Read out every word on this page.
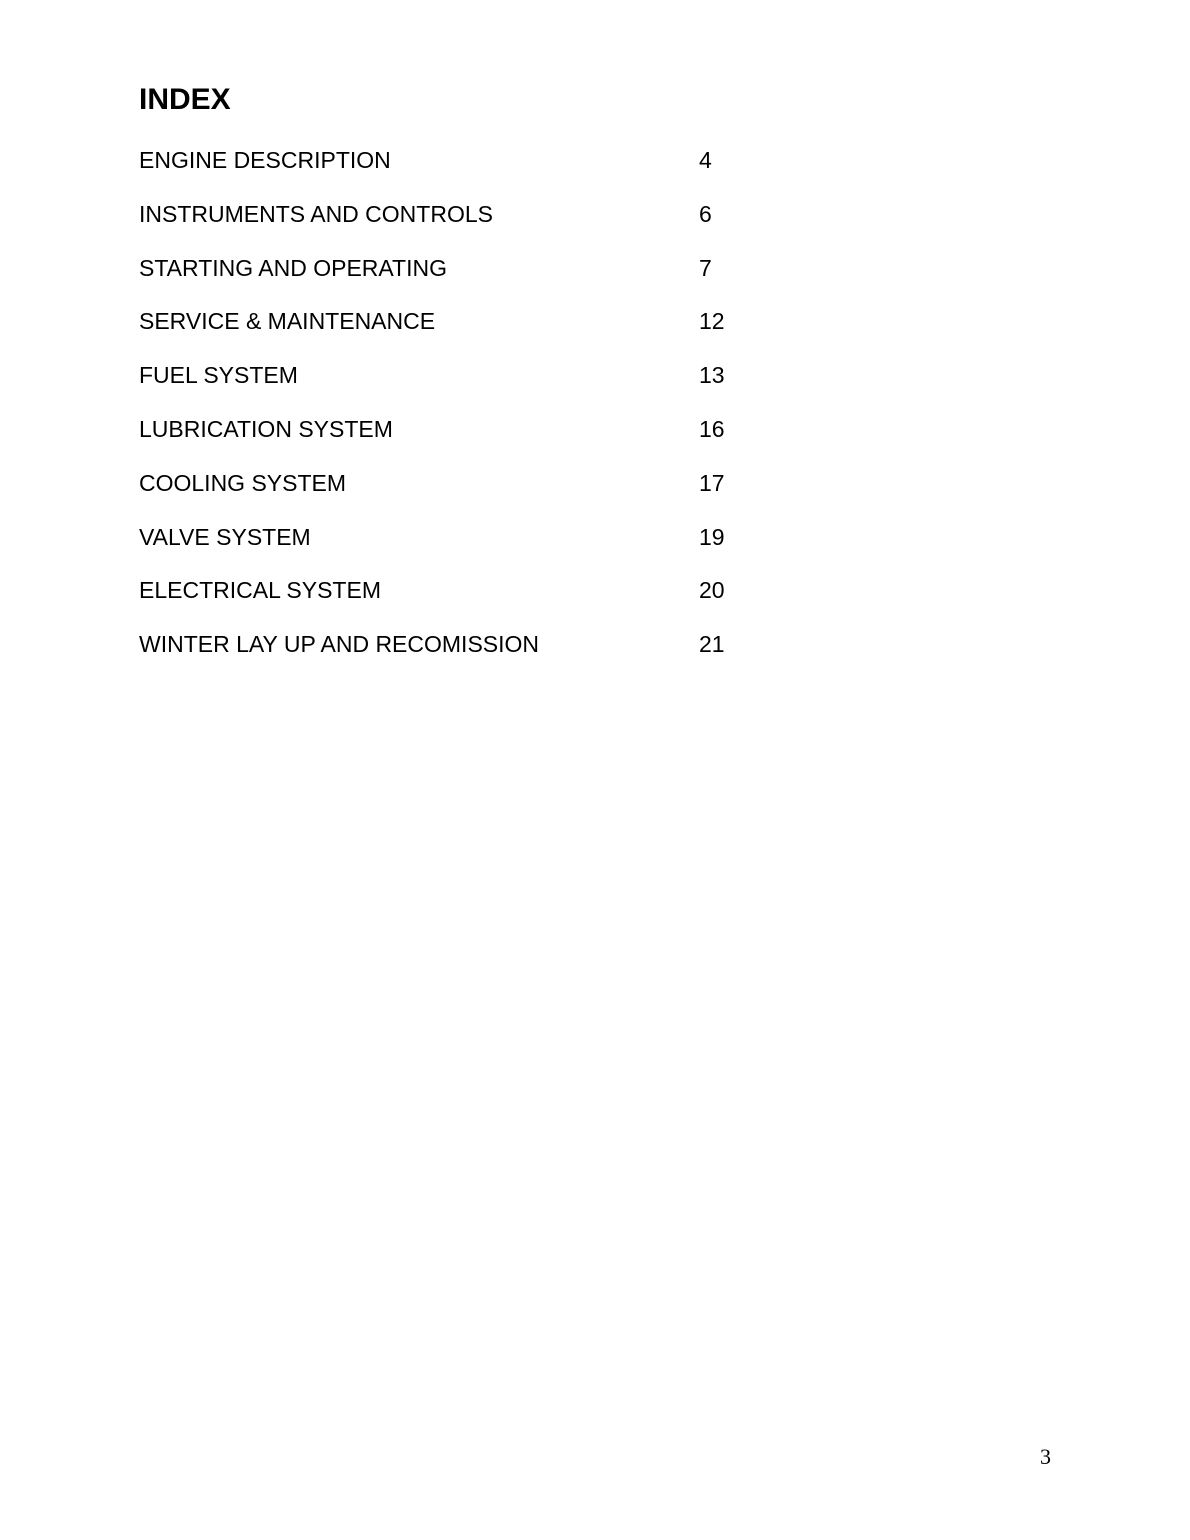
INDEX
ENGINE DESCRIPTION	4
INSTRUMENTS AND CONTROLS	6
STARTING AND OPERATING	7
SERVICE & MAINTENANCE	12
FUEL SYSTEM	13
LUBRICATION SYSTEM	16
COOLING SYSTEM	17
VALVE SYSTEM	19
ELECTRICAL SYSTEM	20
WINTER LAY UP AND RECOMISSION	21
3
